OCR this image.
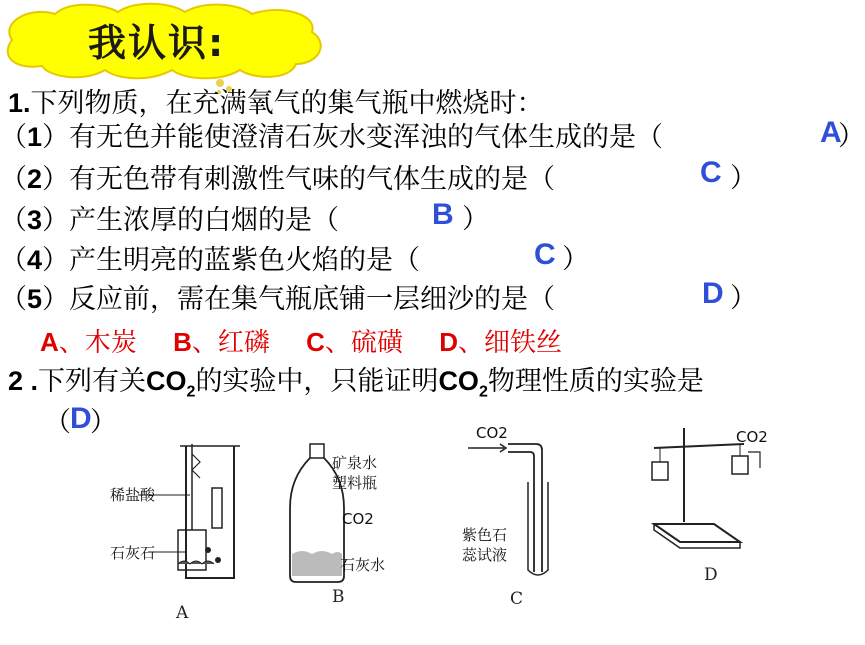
我认识:
1.下列物质，在充满氧气的集气瓶中燃烧时：
（1）有无色并能使澄清石灰水变浑浊的气体生成的是（	A
）
（2）有无色带有刺激性气味的气体生成的是（	C ）
（3）产生浓厚的白烟的是（	B ）
（4）产生明亮的蓝紫色火焰的是（	C ）
（5）反应前，需在集气瓶底铺一层细沙的是（	D ）
A、木炭 B、红磷 C、硫磺 D、细铁丝
2 .下列有关$CO_2$的实验中，只能证明$CO_2$物理性质的实验是
（ D
）
稀盐酸
石灰石
A
矿泉水
塑料瓶
CO2
石灰水
B
CO2
紫色石
蕊试液
C
CO2
D
